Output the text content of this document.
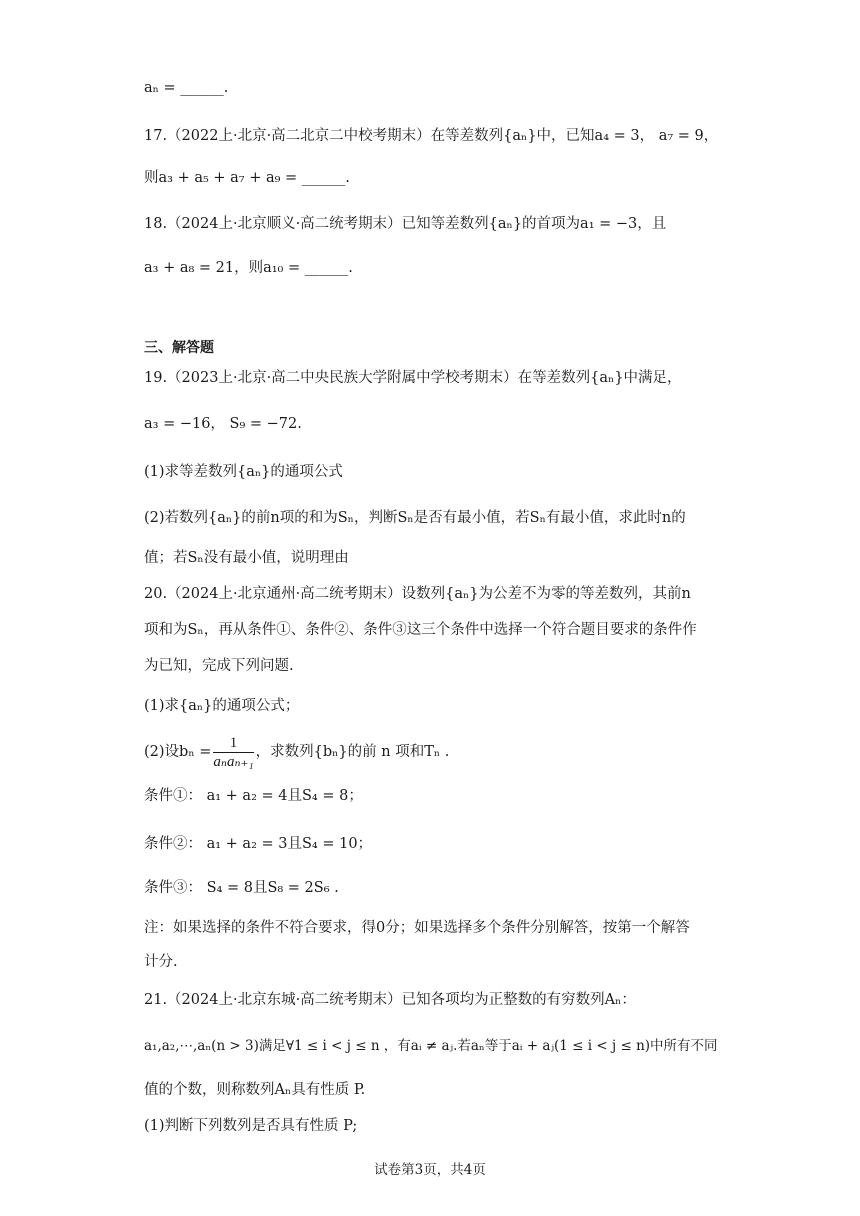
aₙ = ______.
17.（2022上·北京·高二北京二中校考期末）在等差数列{aₙ}中，已知a₄ = 3， a₇ = 9，
则a₃ + a₅ + a₇ + a₉ = ______.
18.（2024上·北京顺义·高二统考期末）已知等差数列{aₙ}的首项为a₁ = −3，且
a₃ + a₈ = 21，则a₁₀ = ______.
三、解答题
19.（2023上·北京·高二中央民族大学附属中学校考期末）在等差数列{aₙ}中满足，
a₃ = −16， S₉ = −72.
(1)求等差数列{aₙ}的通项公式
(2)若数列{aₙ}的前n项的和为Sₙ，判断Sₙ是否有最小值，若Sₙ有最小值，求此时n的
值；若Sₙ没有最小值，说明理由
20.（2024上·北京通州·高二统考期末）设数列{aₙ}为公差不为零的等差数列，其前n
项和为Sₙ，再从条件①、条件②、条件③这三个条件中选择一个符合题目要求的条件作
为已知，完成下列问题.
(1)求{aₙ}的通项公式；
(2)设$b_n = \frac{1}{\text{aₙaₙ₊₁}}$ ，求数列{bₙ}的前 n 项和Tₙ .
条件①： a₁ + a₂ = 4且S₄ = 8；
条件②： a₁ + a₂ = 3且S₄ = 10；
条件③： S₄ = 8且S₈ = 2S₆ .
注：如果选择的条件不符合要求，得0分；如果选择多个条件分别解答，按第一个解答
计分.
21.（2024上·北京东城·高二统考期末）已知各项均为正整数的有穷数列Aₙ：
a₁,a₂,⋯,aₙ(n > 3)满足∀1 ≤ i < j ≤ n ，有aᵢ ≠ aⱼ.若aₙ等于aᵢ + aⱼ(1 ≤ i < j ≤ n)中所有不同
值的个数，则称数列Aₙ具有性质 P.
(1)判断下列数列是否具有性质 P;
试卷第3页，共4页
